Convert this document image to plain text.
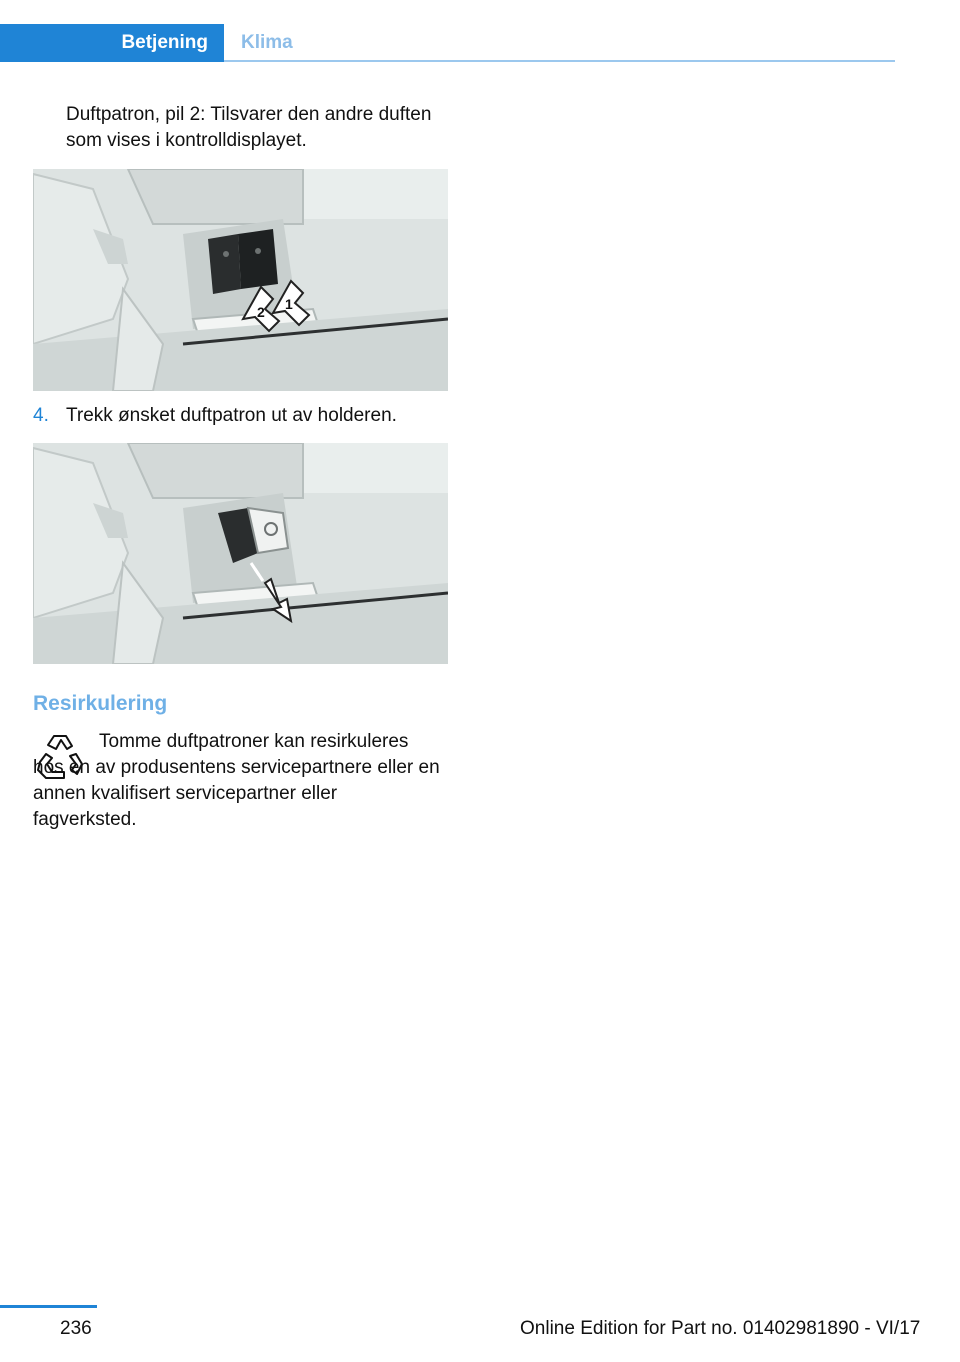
Betjening Klima

Duftpatron, pil 2: Tilsvarer den andre duften som vises i kontrolldisplayet.

2 1
4. Trekk ønsket duftpatron ut av holderen.
Resirkulering

Tomme duftpatroner kan resirkuleres hos en av produsentens servicepartnere eller en annen kvalifisert servicepartner eller fagverksted.

236	Online Edition for Part no. 01402981890 - VI/17
